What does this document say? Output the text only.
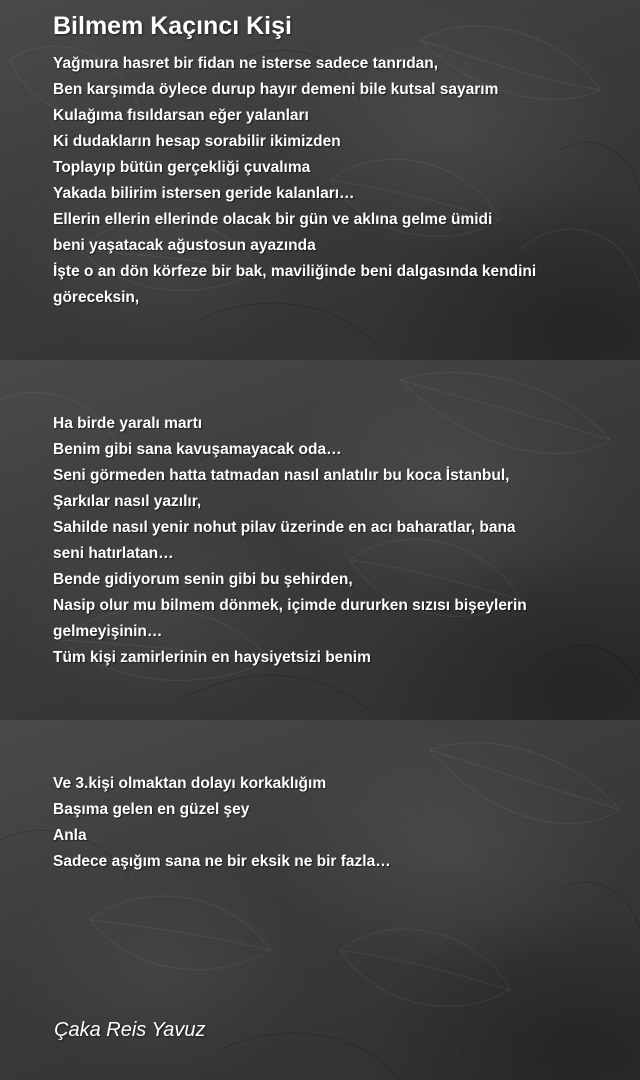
Bilmem Kaçıncı Kişi
Yağmura hasret bir fidan ne isterse sadece tanrıdan,
Ben karşımda öylece durup hayır demeni bile kutsal sayarım
Kulağıma fısıldarsan eğer yalanları
Ki dudakların hesap sorabilir ikimizden
Toplayıp bütün gerçekliği çuvalıma
Yakada bilirim istersen geride kalanları…
Ellerin ellerin ellerinde olacak bir gün ve aklına gelme ümidi
beni yaşatacak ağustosun ayazında
İşte o an dön körfeze bir bak, maviliğinde beni dalgasında kendini
göreceksin,
Ha birde yaralı martı
Benim gibi sana kavuşamayacak oda…
Seni görmeden hatta tatmadan nasıl anlatılır bu koca İstanbul,
Şarkılar nasıl yazılır,
Sahilde nasıl yenir nohut pilav üzerinde en acı baharatlar, bana
seni hatırlatan…
Bende gidiyorum senin gibi bu şehirden,
Nasip olur mu bilmem dönmek, içimde dururken sızısı bişeylerin
gelmeyişinin…
Tüm kişi zamirlerinin en haysiyetsizi benim
Ve 3.kişi olmaktan dolayı korkaklığım
Başıma gelen en güzel şey
Anla
Sadece aşığım sana ne bir eksik ne bir fazla…
Çaka Reis Yavuz
